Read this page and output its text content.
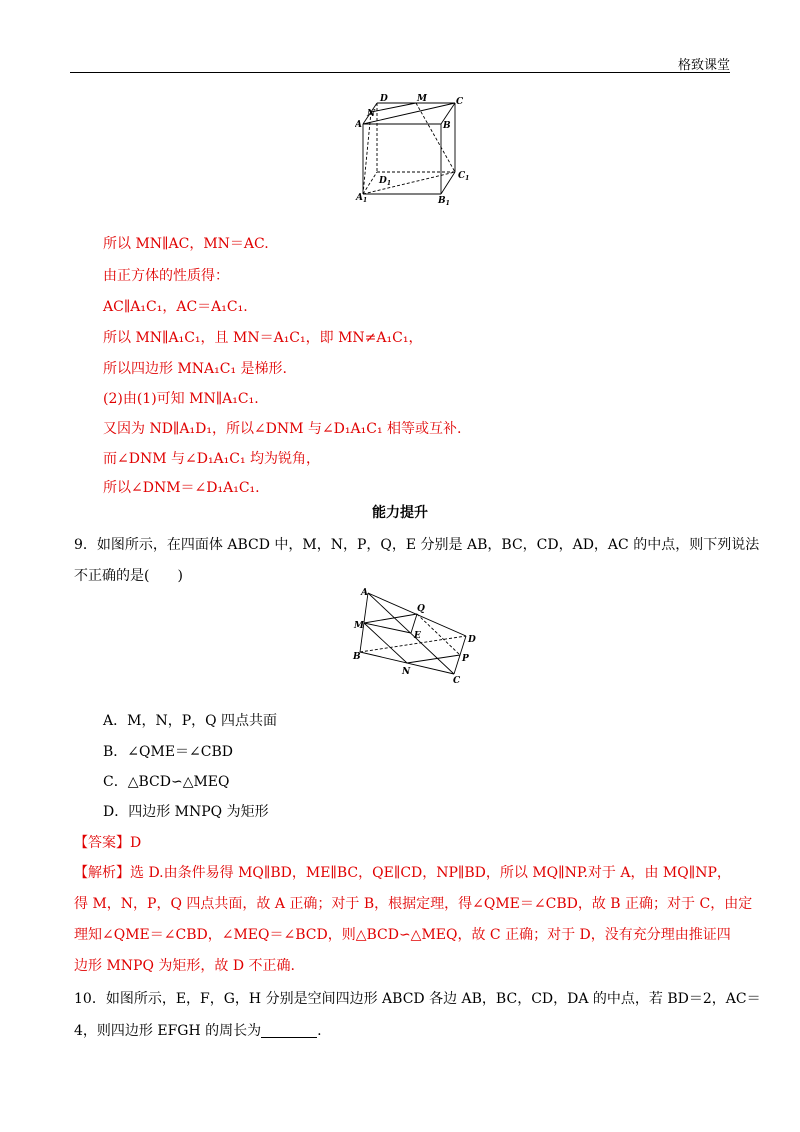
格致课堂
D	M	C
N
A	B
$D_1$
$C_1$
$A_1$	$B_1$
所以 MN∥AC，MN＝AC.
由正方体的性质得：
AC∥A₁C₁，AC＝A₁C₁.
所以 MN∥A₁C₁，且 MN＝A₁C₁，即 MN≠A₁C₁，
所以四边形 MNA₁C₁ 是梯形.
(2)由(1)可知 MN∥A₁C₁.
又因为 ND∥A₁D₁，所以∠DNM 与∠D₁A₁C₁ 相等或互补.
而∠DNM 与∠D₁A₁C₁ 均为锐角，
所以∠DNM＝∠D₁A₁C₁.
能力提升
9．如图所示，在四面体 ABCD 中，M，N，P，Q，E 分别是 AB，BC，CD，AD，AC 的中点，则下列说法
不正确的是(　　)
A
Q
M
E	D
P
B
N
C
A．M，N，P，Q 四点共面
B．∠QME＝∠CBD
C．△BCD∽△MEQ
D．四边形 MNPQ 为矩形
【答案】D
【解析】选 D.由条件易得 MQ∥BD，ME∥BC，QE∥CD，NP∥BD，所以 MQ∥NP.对于 A，由 MQ∥NP，
得 M，N，P，Q 四点共面，故 A 正确；对于 B，根据定理，得∠QME＝∠CBD，故 B 正确；对于 C，由定
理知∠QME＝∠CBD，∠MEQ＝∠BCD，则△BCD∽△MEQ，故 C 正确；对于 D，没有充分理由推证四
边形 MNPQ 为矩形，故 D 不正确.
10．如图所示，E，F，G，H 分别是空间四边形 ABCD 各边 AB，BC，CD，DA 的中点，若 BD＝2，AC＝
4，则四边形 EFGH 的周长为	.
